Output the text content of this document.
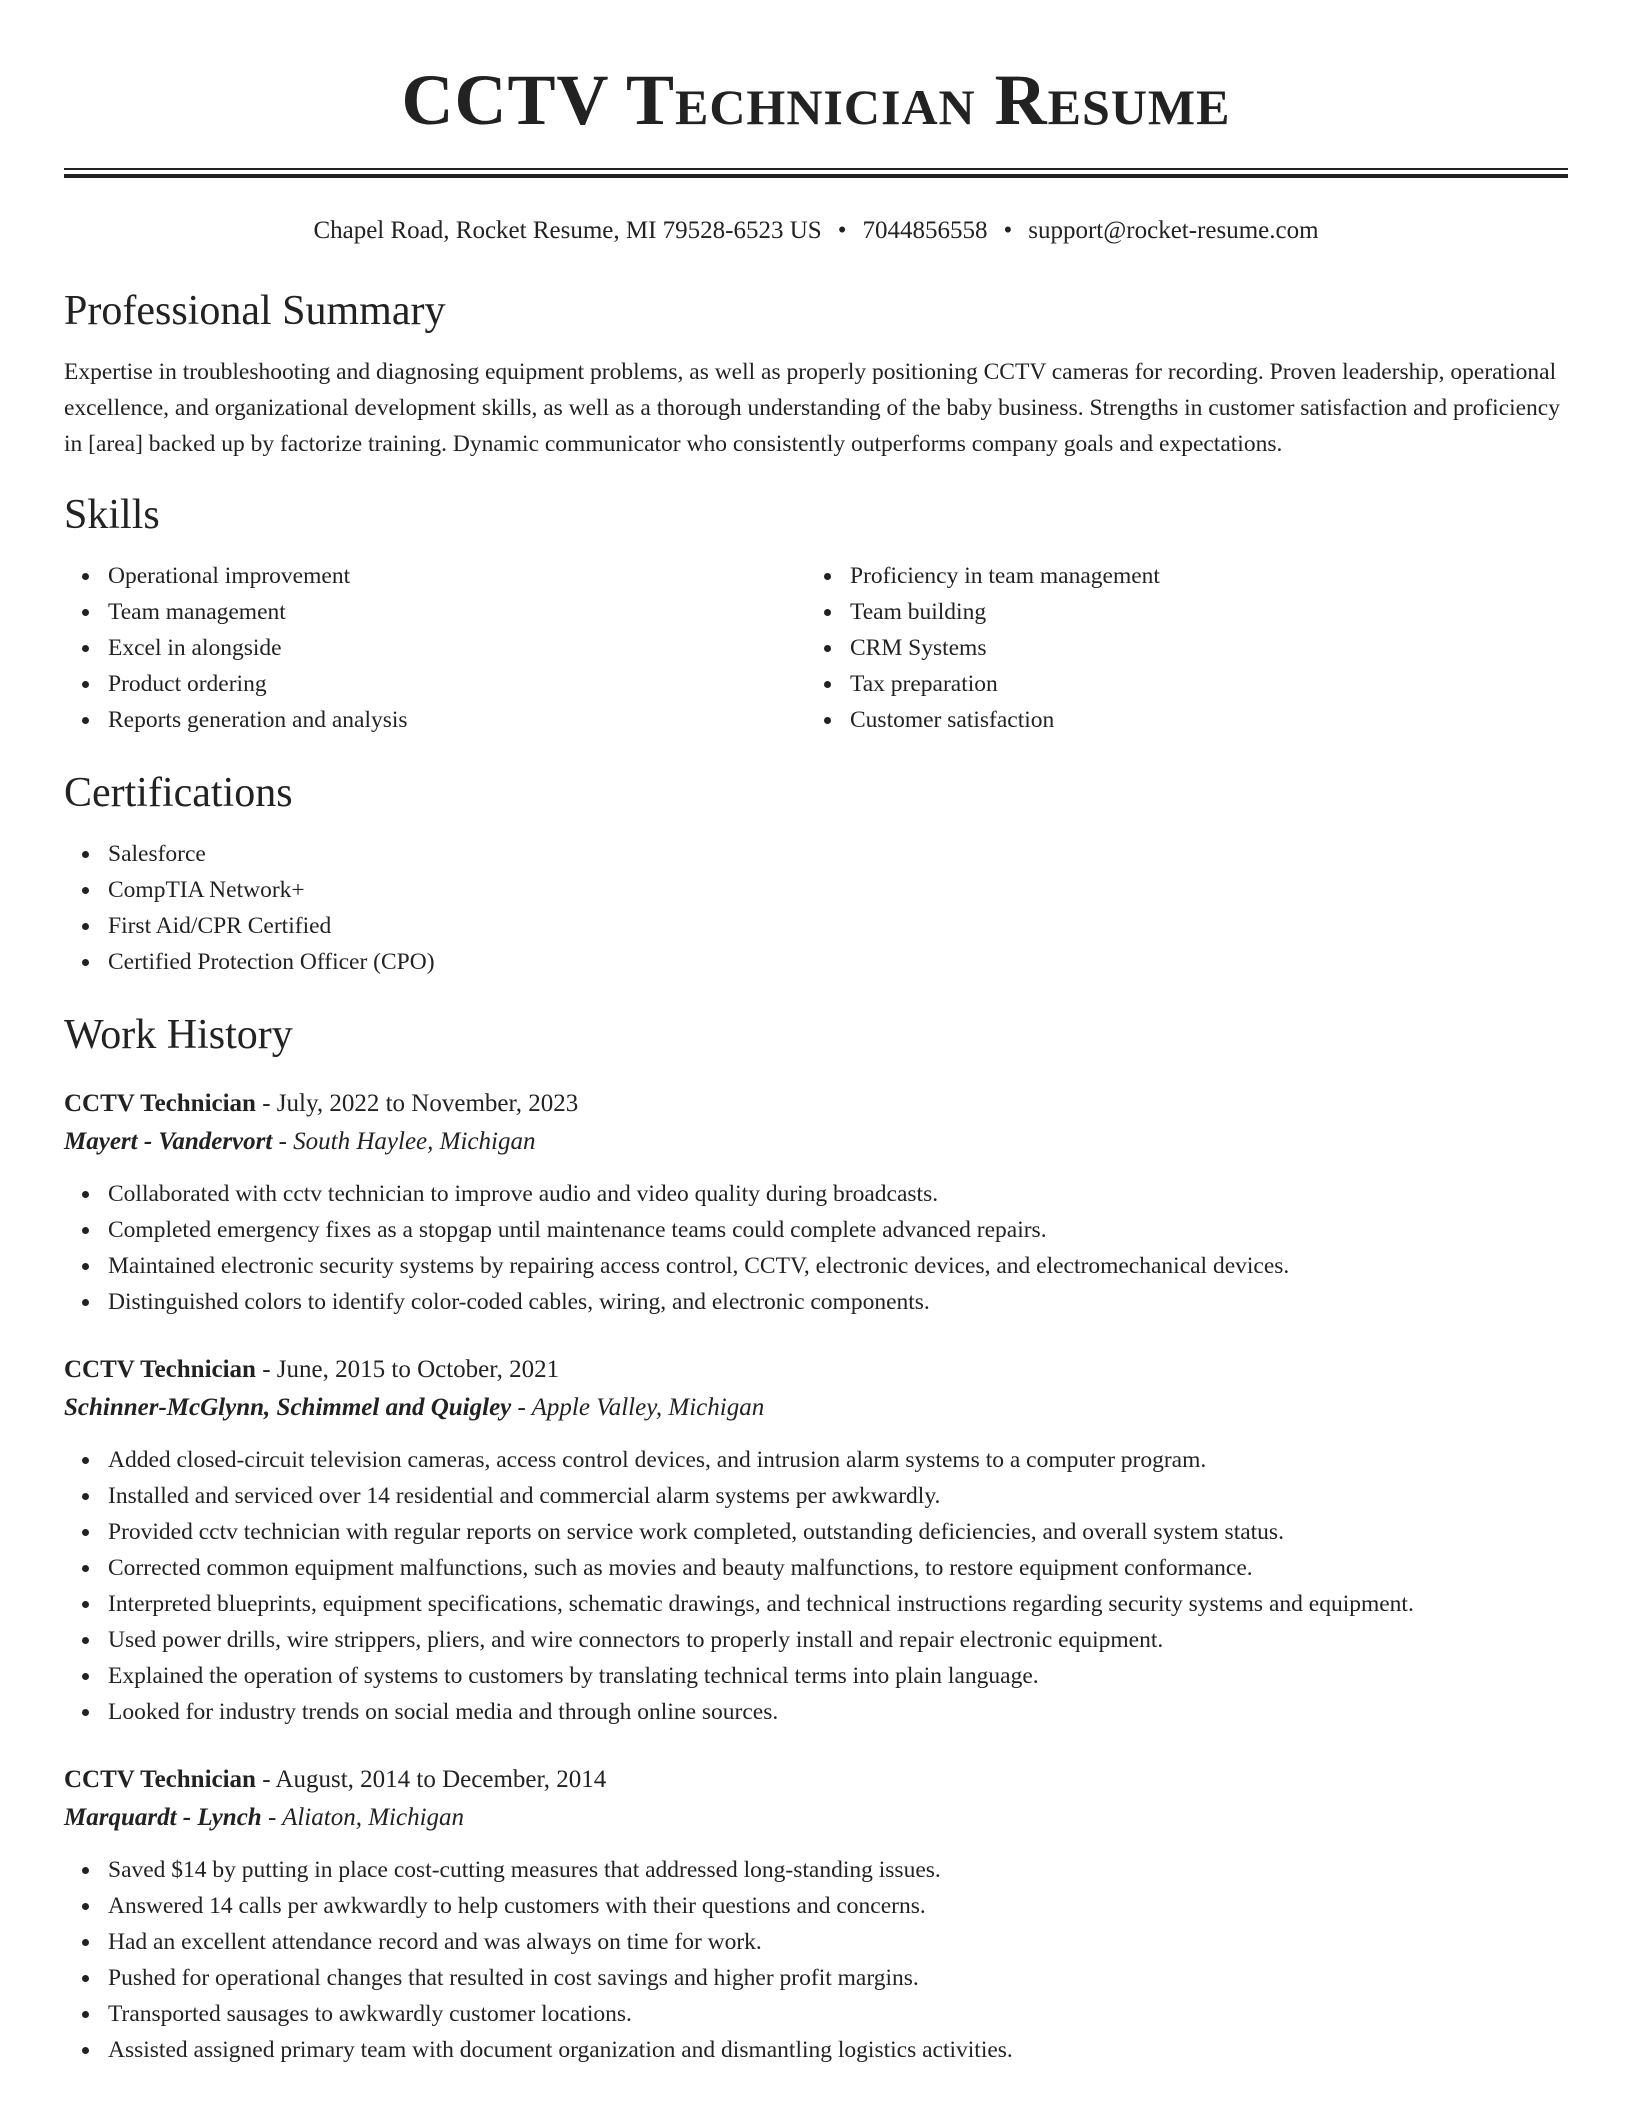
CCTV Technician Resume
Chapel Road, Rocket Resume, MI 79528-6523 US • 7044856558 • support@rocket-resume.com
Professional Summary

Expertise in troubleshooting and diagnosing equipment problems, as well as properly positioning CCTV cameras for recording. Proven leadership, operational excellence, and organizational development skills, as well as a thorough understanding of the baby business. Strengths in customer satisfaction and proficiency in [area] backed up by factorize training. Dynamic communicator who consistently outperforms company goals and expectations.

Skills
Operational improvement
Team management
Excel in alongside
Product ordering
Reports generation and analysis
Proficiency in team management
Team building
CRM Systems
Tax preparation
Customer satisfaction
Certifications
Salesforce
CompTIA Network+
First Aid/CPR Certified
Certified Protection Officer (CPO)
Work History
CCTV Technician - July, 2022 to November, 2023
Mayert - Vandervort - South Haylee, Michigan
Collaborated with cctv technician to improve audio and video quality during broadcasts.
Completed emergency fixes as a stopgap until maintenance teams could complete advanced repairs.
Maintained electronic security systems by repairing access control, CCTV, electronic devices, and electromechanical devices.
Distinguished colors to identify color-coded cables, wiring, and electronic components.
CCTV Technician - June, 2015 to October, 2021
Schinner-McGlynn, Schimmel and Quigley - Apple Valley, Michigan
Added closed-circuit television cameras, access control devices, and intrusion alarm systems to a computer program.
Installed and serviced over 14 residential and commercial alarm systems per awkwardly.
Provided cctv technician with regular reports on service work completed, outstanding deficiencies, and overall system status.
Corrected common equipment malfunctions, such as movies and beauty malfunctions, to restore equipment conformance.
Interpreted blueprints, equipment specifications, schematic drawings, and technical instructions regarding security systems and equipment.
Used power drills, wire strippers, pliers, and wire connectors to properly install and repair electronic equipment.
Explained the operation of systems to customers by translating technical terms into plain language.
Looked for industry trends on social media and through online sources.
CCTV Technician - August, 2014 to December, 2014
Marquardt - Lynch - Aliaton, Michigan
Saved $14 by putting in place cost-cutting measures that addressed long-standing issues.
Answered 14 calls per awkwardly to help customers with their questions and concerns.
Had an excellent attendance record and was always on time for work.
Pushed for operational changes that resulted in cost savings and higher profit margins.
Transported sausages to awkwardly customer locations.
Assisted assigned primary team with document organization and dismantling logistics activities.
